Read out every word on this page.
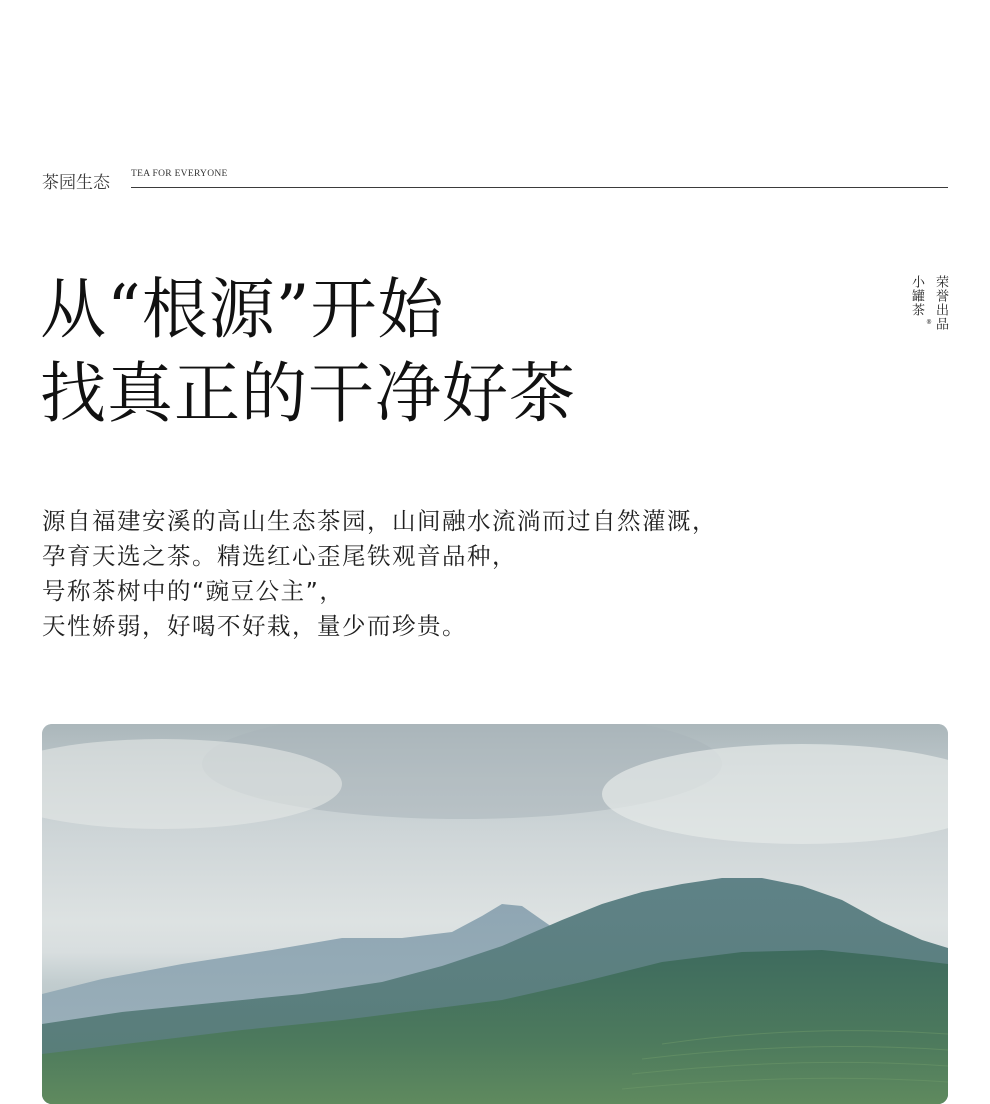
茶园生态 TEA FOR EVERYONE
从“根源”开始
找真正的干净好茶
荣誉出品
小罐茶
®
源自福建安溪的高山生态茶园，山间融水流淌而过自然灌溉，
孕育天选之茶。精选红心歪尾铁观音品种，
号称茶树中的“豌豆公主”，
天性娇弱，好喝不好栽，量少而珍贵。
